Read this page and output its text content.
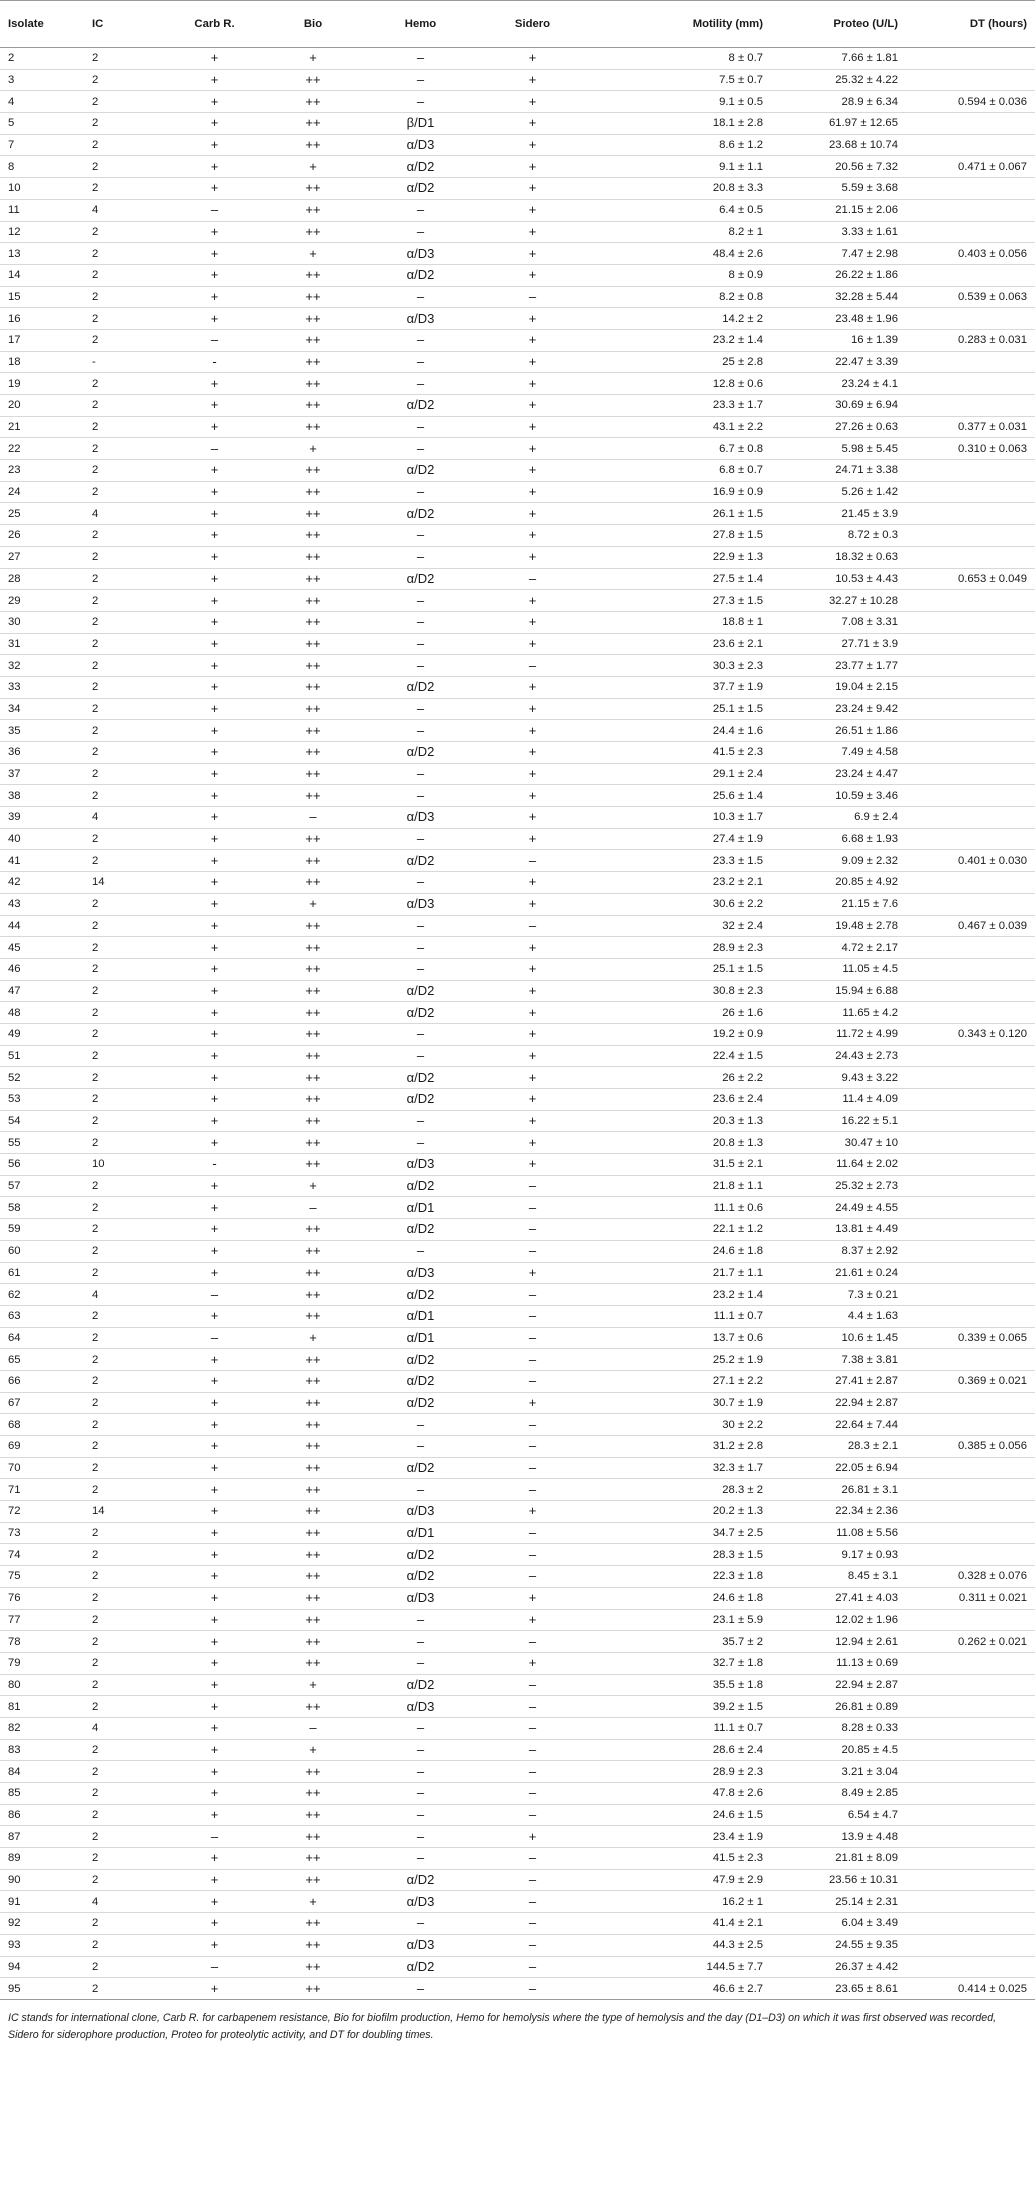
Isolate	IC	Carb R.	Bio	Hemo	Sidero	Motility (mm)	Proteo (U/L)	DT (hours)
2	2	+	+	–	+	8 ± 0.7	7.66 ± 1.81	
3	2	+	++	–	+	7.5 ± 0.7	25.32 ± 4.22	
4	2	+	++	–	+	9.1 ± 0.5	28.9 ± 6.34	0.594 ± 0.036
5	2	+	++	β/D1	+	18.1 ± 2.8	61.97 ± 12.65	
7	2	+	++	α/D3	+	8.6 ± 1.2	23.68 ± 10.74	
8	2	+	+	α/D2	+	9.1 ± 1.1	20.56 ± 7.32	0.471 ± 0.067
10	2	+	++	α/D2	+	20.8 ± 3.3	5.59 ± 3.68	
11	4	–	++	–	+	6.4 ± 0.5	21.15 ± 2.06	
12	2	+	++	–	+	8.2 ± 1	3.33 ± 1.61	
13	2	+	+	α/D3	+	48.4 ± 2.6	7.47 ± 2.98	0.403 ± 0.056
14	2	+	++	α/D2	+	8 ± 0.9	26.22 ± 1.86	
15	2	+	++	–	–	8.2 ± 0.8	32.28 ± 5.44	0.539 ± 0.063
16	2	+	++	α/D3	+	14.2 ± 2	23.48 ± 1.96	
17	2	–	++	–	+	23.2 ± 1.4	16 ± 1.39	0.283 ± 0.031
18	-	-	++	–	+	25 ± 2.8	22.47 ± 3.39	
19	2	+	++	–	+	12.8 ± 0.6	23.24 ± 4.1	
20	2	+	++	α/D2	+	23.3 ± 1.7	30.69 ± 6.94	
21	2	+	++	–	+	43.1 ± 2.2	27.26 ± 0.63	0.377 ± 0.031
22	2	–	+	–	+	6.7 ± 0.8	5.98 ± 5.45	0.310 ± 0.063
23	2	+	++	α/D2	+	6.8 ± 0.7	24.71 ± 3.38	
24	2	+	++	–	+	16.9 ± 0.9	5.26 ± 1.42	
25	4	+	++	α/D2	+	26.1 ± 1.5	21.45 ± 3.9	
26	2	+	++	–	+	27.8 ± 1.5	8.72 ± 0.3	
27	2	+	++	–	+	22.9 ± 1.3	18.32 ± 0.63	
28	2	+	++	α/D2	–	27.5 ± 1.4	10.53 ± 4.43	0.653 ± 0.049
29	2	+	++	–	+	27.3 ± 1.5	32.27 ± 10.28	
30	2	+	++	–	+	18.8 ± 1	7.08 ± 3.31	
31	2	+	++	–	+	23.6 ± 2.1	27.71 ± 3.9	
32	2	+	++	–	–	30.3 ± 2.3	23.77 ± 1.77	
33	2	+	++	α/D2	+	37.7 ± 1.9	19.04 ± 2.15	
34	2	+	++	–	+	25.1 ± 1.5	23.24 ± 9.42	
35	2	+	++	–	+	24.4 ± 1.6	26.51 ± 1.86	
36	2	+	++	α/D2	+	41.5 ± 2.3	7.49 ± 4.58	
37	2	+	++	–	+	29.1 ± 2.4	23.24 ± 4.47	
38	2	+	++	–	+	25.6 ± 1.4	10.59 ± 3.46	
39	4	+	–	α/D3	+	10.3 ± 1.7	6.9 ± 2.4	
40	2	+	++	–	+	27.4 ± 1.9	6.68 ± 1.93	
41	2	+	++	α/D2	–	23.3 ± 1.5	9.09 ± 2.32	0.401 ± 0.030
42	14	+	++	–	+	23.2 ± 2.1	20.85 ± 4.92	
43	2	+	+	α/D3	+	30.6 ± 2.2	21.15 ± 7.6	
44	2	+	++	–	–	32 ± 2.4	19.48 ± 2.78	0.467 ± 0.039
45	2	+	++	–	+	28.9 ± 2.3	4.72 ± 2.17	
46	2	+	++	–	+	25.1 ± 1.5	11.05 ± 4.5	
47	2	+	++	α/D2	+	30.8 ± 2.3	15.94 ± 6.88	
48	2	+	++	α/D2	+	26 ± 1.6	11.65 ± 4.2	
49	2	+	++	–	+	19.2 ± 0.9	11.72 ± 4.99	0.343 ± 0.120
51	2	+	++	–	+	22.4 ± 1.5	24.43 ± 2.73	
52	2	+	++	α/D2	+	26 ± 2.2	9.43 ± 3.22	
53	2	+	++	α/D2	+	23.6 ± 2.4	11.4 ± 4.09	
54	2	+	++	–	+	20.3 ± 1.3	16.22 ± 5.1	
55	2	+	++	–	+	20.8 ± 1.3	30.47 ± 10	
56	10	-	++	α/D3	+	31.5 ± 2.1	11.64 ± 2.02	
57	2	+	+	α/D2	–	21.8 ± 1.1	25.32 ± 2.73	
58	2	+	–	α/D1	–	11.1 ± 0.6	24.49 ± 4.55	
59	2	+	++	α/D2	–	22.1 ± 1.2	13.81 ± 4.49	
60	2	+	++	–	–	24.6 ± 1.8	8.37 ± 2.92	
61	2	+	++	α/D3	+	21.7 ± 1.1	21.61 ± 0.24	
62	4	–	++	α/D2	–	23.2 ± 1.4	7.3 ± 0.21	
63	2	+	++	α/D1	–	11.1 ± 0.7	4.4 ± 1.63	
64	2	–	+	α/D1	–	13.7 ± 0.6	10.6 ± 1.45	0.339 ± 0.065
65	2	+	++	α/D2	–	25.2 ± 1.9	7.38 ± 3.81	
66	2	+	++	α/D2	–	27.1 ± 2.2	27.41 ± 2.87	0.369 ± 0.021
67	2	+	++	α/D2	+	30.7 ± 1.9	22.94 ± 2.87	
68	2	+	++	–	–	30 ± 2.2	22.64 ± 7.44	
69	2	+	++	–	–	31.2 ± 2.8	28.3 ± 2.1	0.385 ± 0.056
70	2	+	++	α/D2	–	32.3 ± 1.7	22.05 ± 6.94	
71	2	+	++	–	–	28.3 ± 2	26.81 ± 3.1	
72	14	+	++	α/D3	+	20.2 ± 1.3	22.34 ± 2.36	
73	2	+	++	α/D1	–	34.7 ± 2.5	11.08 ± 5.56	
74	2	+	++	α/D2	–	28.3 ± 1.5	9.17 ± 0.93	
75	2	+	++	α/D2	–	22.3 ± 1.8	8.45 ± 3.1	0.328 ± 0.076
76	2	+	++	α/D3	+	24.6 ± 1.8	27.41 ± 4.03	0.311 ± 0.021
77	2	+	++	–	+	23.1 ± 5.9	12.02 ± 1.96	
78	2	+	++	–	–	35.7 ± 2	12.94 ± 2.61	0.262 ± 0.021
79	2	+	++	–	+	32.7 ± 1.8	11.13 ± 0.69	
80	2	+	+	α/D2	–	35.5 ± 1.8	22.94 ± 2.87	
81	2	+	++	α/D3	–	39.2 ± 1.5	26.81 ± 0.89	
82	4	+	–	–	–	11.1 ± 0.7	8.28 ± 0.33	
83	2	+	+	–	–	28.6 ± 2.4	20.85 ± 4.5	
84	2	+	++	–	–	28.9 ± 2.3	3.21 ± 3.04	
85	2	+	++	–	–	47.8 ± 2.6	8.49 ± 2.85	
86	2	+	++	–	–	24.6 ± 1.5	6.54 ± 4.7	
87	2	–	++	–	+	23.4 ± 1.9	13.9 ± 4.48	
89	2	+	++	–	–	41.5 ± 2.3	21.81 ± 8.09	
90	2	+	++	α/D2	–	47.9 ± 2.9	23.56 ± 10.31	
91	4	+	+	α/D3	–	16.2 ± 1	25.14 ± 2.31	
92	2	+	++	–	–	41.4 ± 2.1	6.04 ± 3.49	
93	2	+	++	α/D3	–	44.3 ± 2.5	24.55 ± 9.35	
94	2	–	++	α/D2	–	144.5 ± 7.7	26.37 ± 4.42	
95	2	+	++	–	–	46.6 ± 2.7	23.65 ± 8.61	0.414 ± 0.025
IC stands for international clone, Carb R. for carbapenem resistance, Bio for biofilm production, Hemo for hemolysis where the type of hemolysis and the day (D1–D3) on which it was first observed was recorded, Sidero for siderophore production, Proteo for proteolytic activity, and DT for doubling times.
